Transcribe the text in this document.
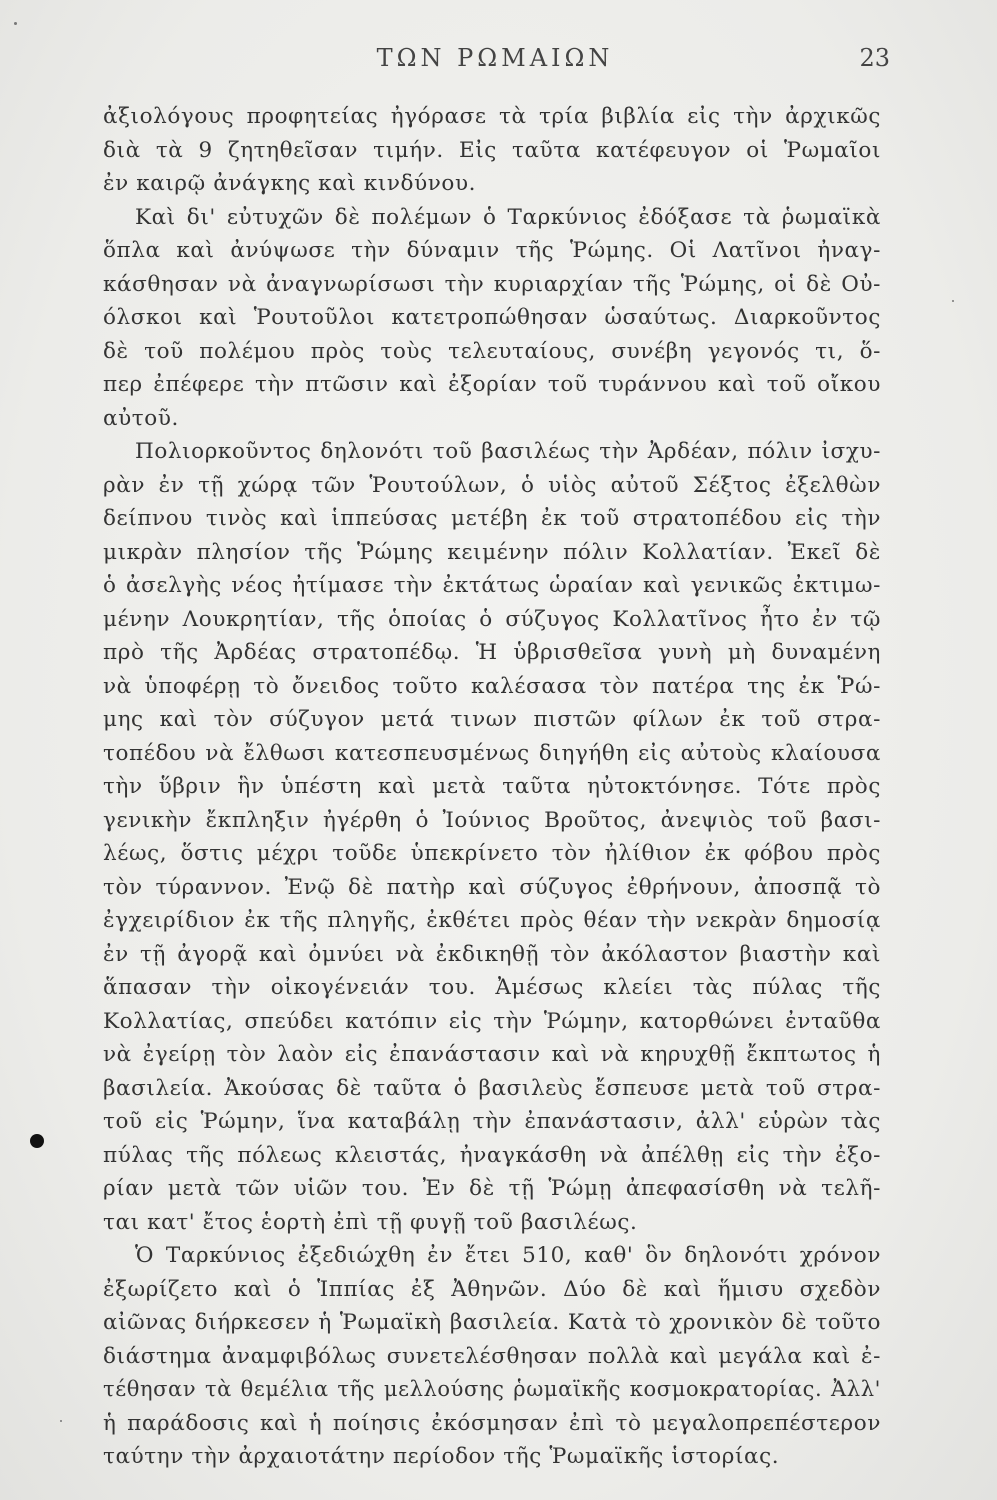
ΤΩΝ ΡΩΜΑΙΩΝ	23
ἀξιολόγους προφητείας ἠγόρασε τὰ τρία βιβλία εἰς τὴν ἀρχικῶς
διὰ τὰ 9 ζητηθεῖσαν τιμήν. Εἰς ταῦτα κατέφευγον οἱ Ῥωμαῖοι
ἐν καιρῷ ἀνάγκης καὶ κινδύνου.
Καὶ δι' εὐτυχῶν δὲ πολέμων ὁ Ταρκύνιος ἐδόξασε τὰ ῥωμαϊκὰ
ὅπλα καὶ ἀνύψωσε τὴν δύναμιν τῆς Ῥώμης. Οἱ Λατῖνοι ἠναγ-
κάσθησαν νὰ ἀναγνωρίσωσι τὴν κυριαρχίαν τῆς Ῥώμης, οἱ δὲ Οὐ-
όλσκοι καὶ Ῥουτοῦλοι κατετροπώθησαν ὡσαύτως. Διαρκοῦντος
δὲ τοῦ πολέμου πρὸς τοὺς τελευταίους, συνέβη γεγονός τι, ὅ-
περ ἐπέφερε τὴν πτῶσιν καὶ ἐξορίαν τοῦ τυράννου καὶ τοῦ οἴκου
αὐτοῦ.
Πολιορκοῦντος δηλονότι τοῦ βασιλέως τὴν Ἀρδέαν, πόλιν ἰσχυ-
ρὰν ἐν τῇ χώρᾳ τῶν Ῥουτούλων, ὁ υἱὸς αὐτοῦ Σέξτος ἐξελθὼν
δείπνου τινὸς καὶ ἱππεύσας μετέβη ἐκ τοῦ στρατοπέδου εἰς τὴν
μικρὰν πλησίον τῆς Ῥώμης κειμένην πόλιν Κολλατίαν. Ἐκεῖ δὲ
ὁ ἀσελγὴς νέος ἠτίμασε τὴν ἐκτάτως ὡραίαν καὶ γενικῶς ἐκτιμω-
μένην Λουκρητίαν, τῆς ὁποίας ὁ σύζυγος Κολλατῖνος ἦτο ἐν τῷ
πρὸ τῆς Ἀρδέας στρατοπέδῳ. Ἡ ὑβρισθεῖσα γυνὴ μὴ δυναμένη
νὰ ὑποφέρῃ τὸ ὄνειδος τοῦτο καλέσασα τὸν πατέρα της ἐκ Ῥώ-
μης καὶ τὸν σύζυγον μετά τινων πιστῶν φίλων ἐκ τοῦ στρα-
τοπέδου νὰ ἔλθωσι κατεσπευσμένως διηγήθη εἰς αὐτοὺς κλαίουσα
τὴν ὕβριν ἣν ὑπέστη καὶ μετὰ ταῦτα ηὐτοκτόνησε. Τότε πρὸς
γενικὴν ἔκπληξιν ἠγέρθη ὁ Ἰούνιος Βροῦτος, ἀνεψιὸς τοῦ βασι-
λέως, ὅστις μέχρι τοῦδε ὑπεκρίνετο τὸν ἠλίθιον ἐκ φόβου πρὸς
τὸν τύραννον. Ἐνῷ δὲ πατὴρ καὶ σύζυγος ἐθρήνουν, ἀποσπᾷ τὸ
ἐγχειρίδιον ἐκ τῆς πληγῆς, ἐκθέτει πρὸς θέαν τὴν νεκρὰν δημοσίᾳ
ἐν τῇ ἀγορᾷ καὶ ὀμνύει νὰ ἐκδικηθῇ τὸν ἀκόλαστον βιαστὴν καὶ
ἅπασαν τὴν οἰκογένειάν του. Ἀμέσως κλείει τὰς πύλας τῆς
Κολλατίας, σπεύδει κατόπιν εἰς τὴν Ῥώμην, κατορθώνει ἐνταῦθα
νὰ ἐγείρῃ τὸν λαὸν εἰς ἐπανάστασιν καὶ νὰ κηρυχθῇ ἔκπτωτος ἡ
βασιλεία. Ἀκούσας δὲ ταῦτα ὁ βασιλεὺς ἔσπευσε μετὰ τοῦ στρα-
τοῦ εἰς Ῥώμην, ἵνα καταβάλῃ τὴν ἐπανάστασιν, ἀλλ' εὑρὼν τὰς
πύλας τῆς πόλεως κλειστάς, ἠναγκάσθη νὰ ἀπέλθῃ εἰς τὴν ἐξο-
ρίαν μετὰ τῶν υἱῶν του. Ἐν δὲ τῇ Ῥώμῃ ἀπεφασίσθη νὰ τελῆ-
ται κατ' ἔτος ἑορτὴ ἐπὶ τῇ φυγῇ τοῦ βασιλέως.
Ὁ Ταρκύνιος ἐξεδιώχθη ἐν ἔτει 510, καθ' ὃν δηλονότι χρόνον
ἐξωρίζετο καὶ ὁ Ἱππίας ἐξ Ἀθηνῶν. Δύο δὲ καὶ ἥμισυ σχεδὸν
αἰῶνας διήρκεσεν ἡ Ῥωμαϊκὴ βασιλεία. Κατὰ τὸ χρονικὸν δὲ τοῦτο
διάστημα ἀναμφιβόλως συνετελέσθησαν πολλὰ καὶ μεγάλα καὶ ἐ-
τέθησαν τὰ θεμέλια τῆς μελλούσης ῥωμαϊκῆς κοσμοκρατορίας. Ἀλλ'
ἡ παράδοσις καὶ ἡ ποίησις ἐκόσμησαν ἐπὶ τὸ μεγαλοπρεπέστερον
ταύτην τὴν ἀρχαιοτάτην περίοδον τῆς Ῥωμαϊκῆς ἱστορίας.
